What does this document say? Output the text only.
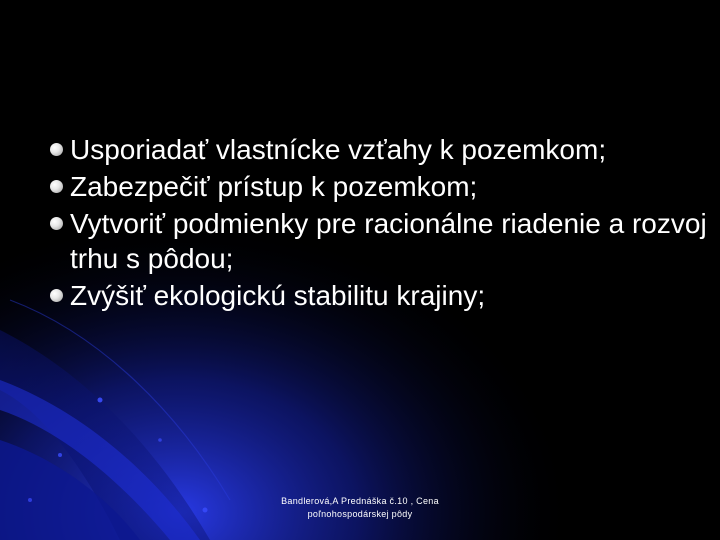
Usporiadať vlastnícke vzťahy k pozemkom;
Zabezpečiť prístup k pozemkom;
Vytvoriť podmienky pre racionálne riadenie a rozvoj trhu s pôdou;
Zvýšiť ekologickú stabilitu krajiny;
Bandlerová,A Prednáška č.10 , Cena
poľnohospodárskej pôdy
